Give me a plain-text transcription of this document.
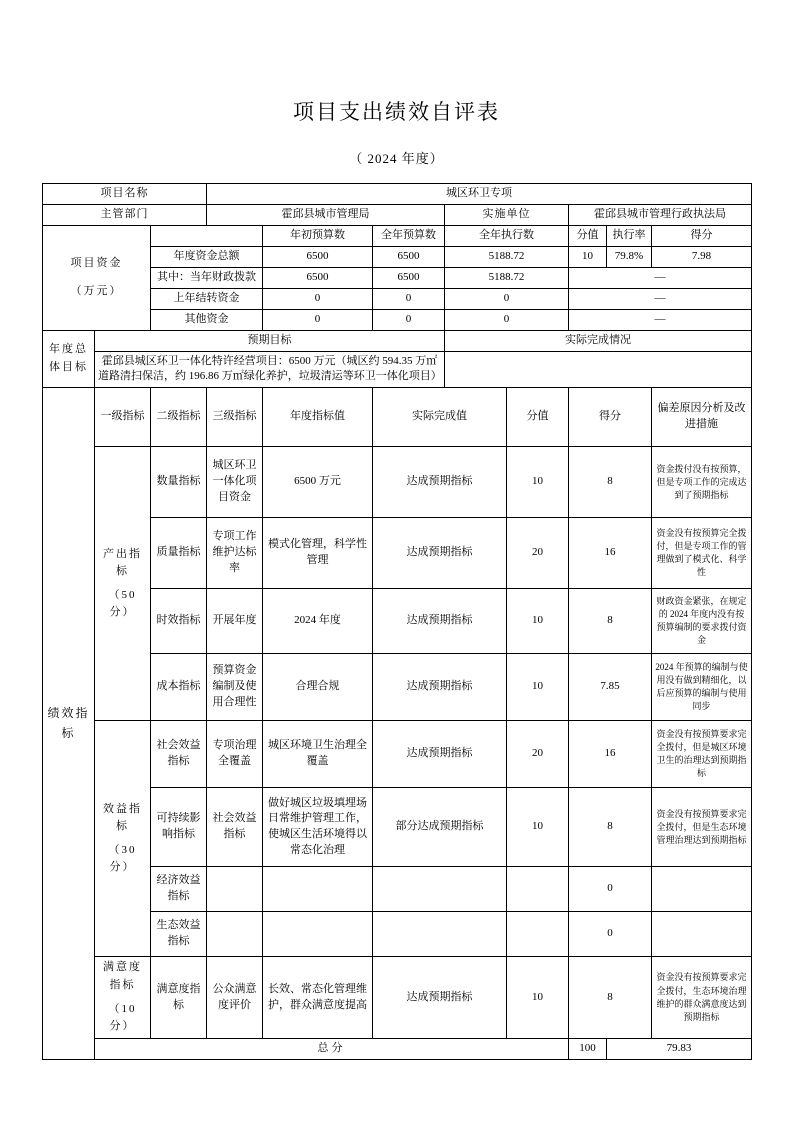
项目支出绩效自评表
（ 2024 年度）
项目名称			城区环卫专项								
主管部门			霍邱县城市管理局			实施单位		霍邱县城市管理行政执法局			

项目资金
（万元）				年初预算数	全年预算数	全年执行数		分值	执行率	得分	
		年度资金总额		6500	6500	5188.72		10	79.8%	7.98	
		其中：当年财政拨款		6500	6500	5188.72		—			
		上年结转资金		0	0	0		—			
		其他资金		0	0	0		—			

年度总体目标	预期目标					实际完成情况					
	霍邱县城区环卫一体化特许经营项目：6500 万元（城区约 594.35 万㎡道路清扫保洁，约 196.86 万㎡绿化养护，垃圾清运等环卫一体化项目）										

绩效指标	一级指标	二级指标	三级指标	年度指标值	实际完成值		分值	得分		偏差原因分析及改进措施	

	产出指标
（50 分）	数量指标	城区环卫一体化项目资金	6500 万元	达成预期指标		10	8		资金拨付没有按预算，但是专项工作的完成达到了预期指标	
		质量指标	专项工作维护达标率	模式化管理，科学性管理	达成预期指标		20	16		资金没有按预算完全拨付，但是专项工作的管理做到了模式化、科学性	
		时效指标	开展年度	2024 年度	达成预期指标		10	8		财政资金紧张，在规定的 2024 年度内没有按预算编制的要求拨付资金	
		成本指标	预算资金编制及使用合理性	合理合规	达成预期指标		10	7.85		2024 年预算的编制与使用没有做到精细化，以后应预算的编制与使用同步	

	效益指标
（30 分）	社会效益指标	专项治理全覆盖	城区环境卫生治理全覆盖	达成预期指标		20	16		资金没有按预算要求完全拨付，但是城区环境卫生的治理达到预期指标	
		可持续影响指标	社会效益指标	做好城区垃圾填埋场日常维护管理工作，使城区生活环境得以常态化治理	部分达成预期指标		10	8		资金没有按预算要求完全拨付，但是生态环境管理治理达到预期指标	
		经济效益指标						0			
		生态效益指标						0			

	满意度指标
（10 分）	满意度指标	公众满意度评价	长效、常态化管理维护，群众满意度提高	达成预期指标		10	8		资金没有按预算要求完全拨付，生态环境治理维护的群众满意度达到预期指标	
	总分							100	79.83		
